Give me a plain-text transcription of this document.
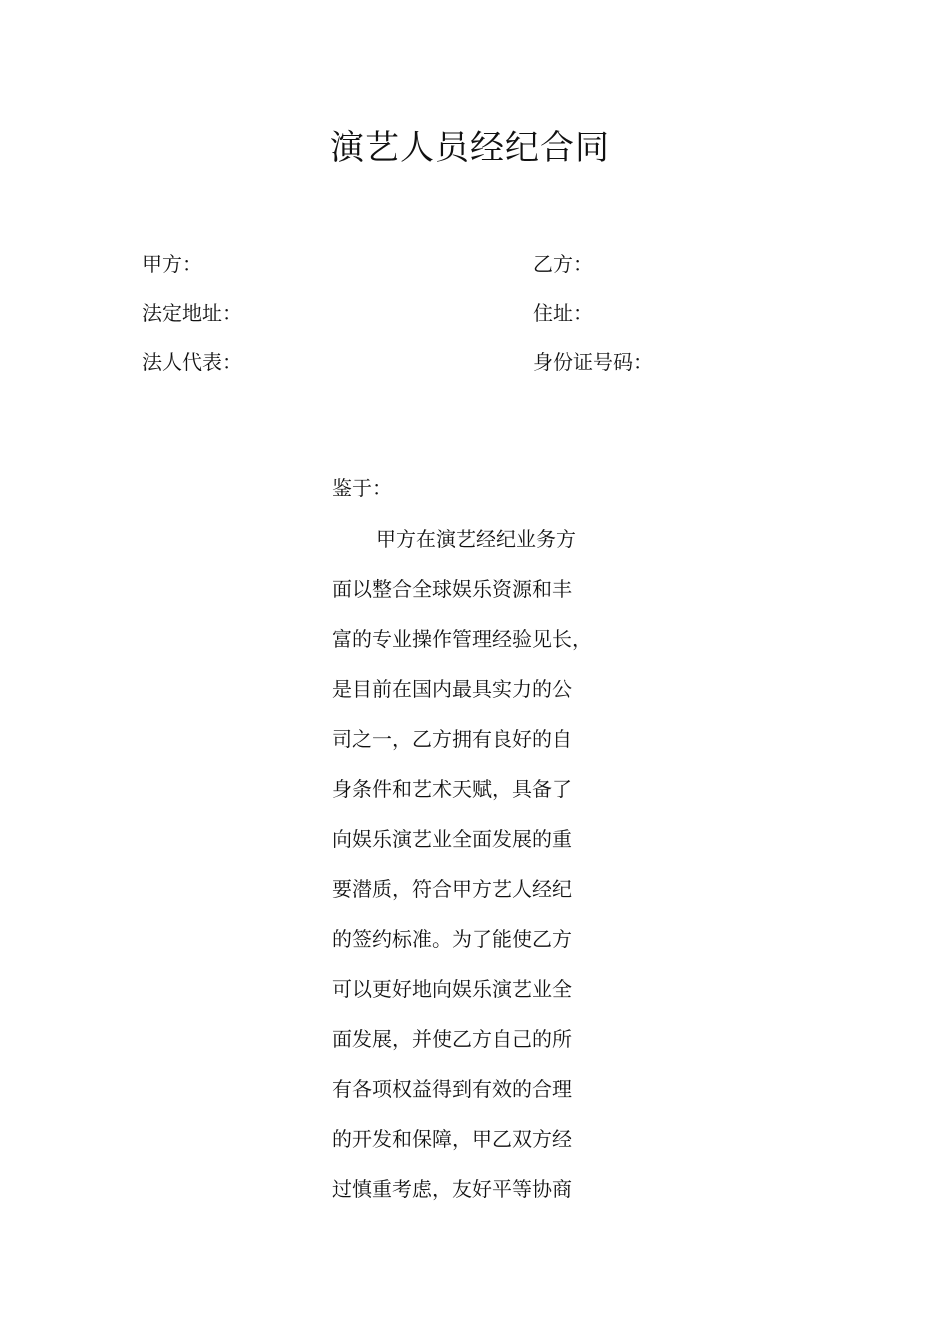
演艺人员经纪合同
甲方：
法定地址：
法人代表：
乙方：
住址：
身份证号码：
鉴于：
甲方在演艺经纪业务方
面以整合全球娱乐资源和丰
富的专业操作管理经验见长，
是目前在国内最具实力的公
司之一，乙方拥有良好的自
身条件和艺术天赋，具备了
向娱乐演艺业全面发展的重
要潜质，符合甲方艺人经纪
的签约标准。为了能使乙方
可以更好地向娱乐演艺业全
面发展，并使乙方自己的所
有各项权益得到有效的合理
的开发和保障，甲乙双方经
过慎重考虑，友好平等协商
